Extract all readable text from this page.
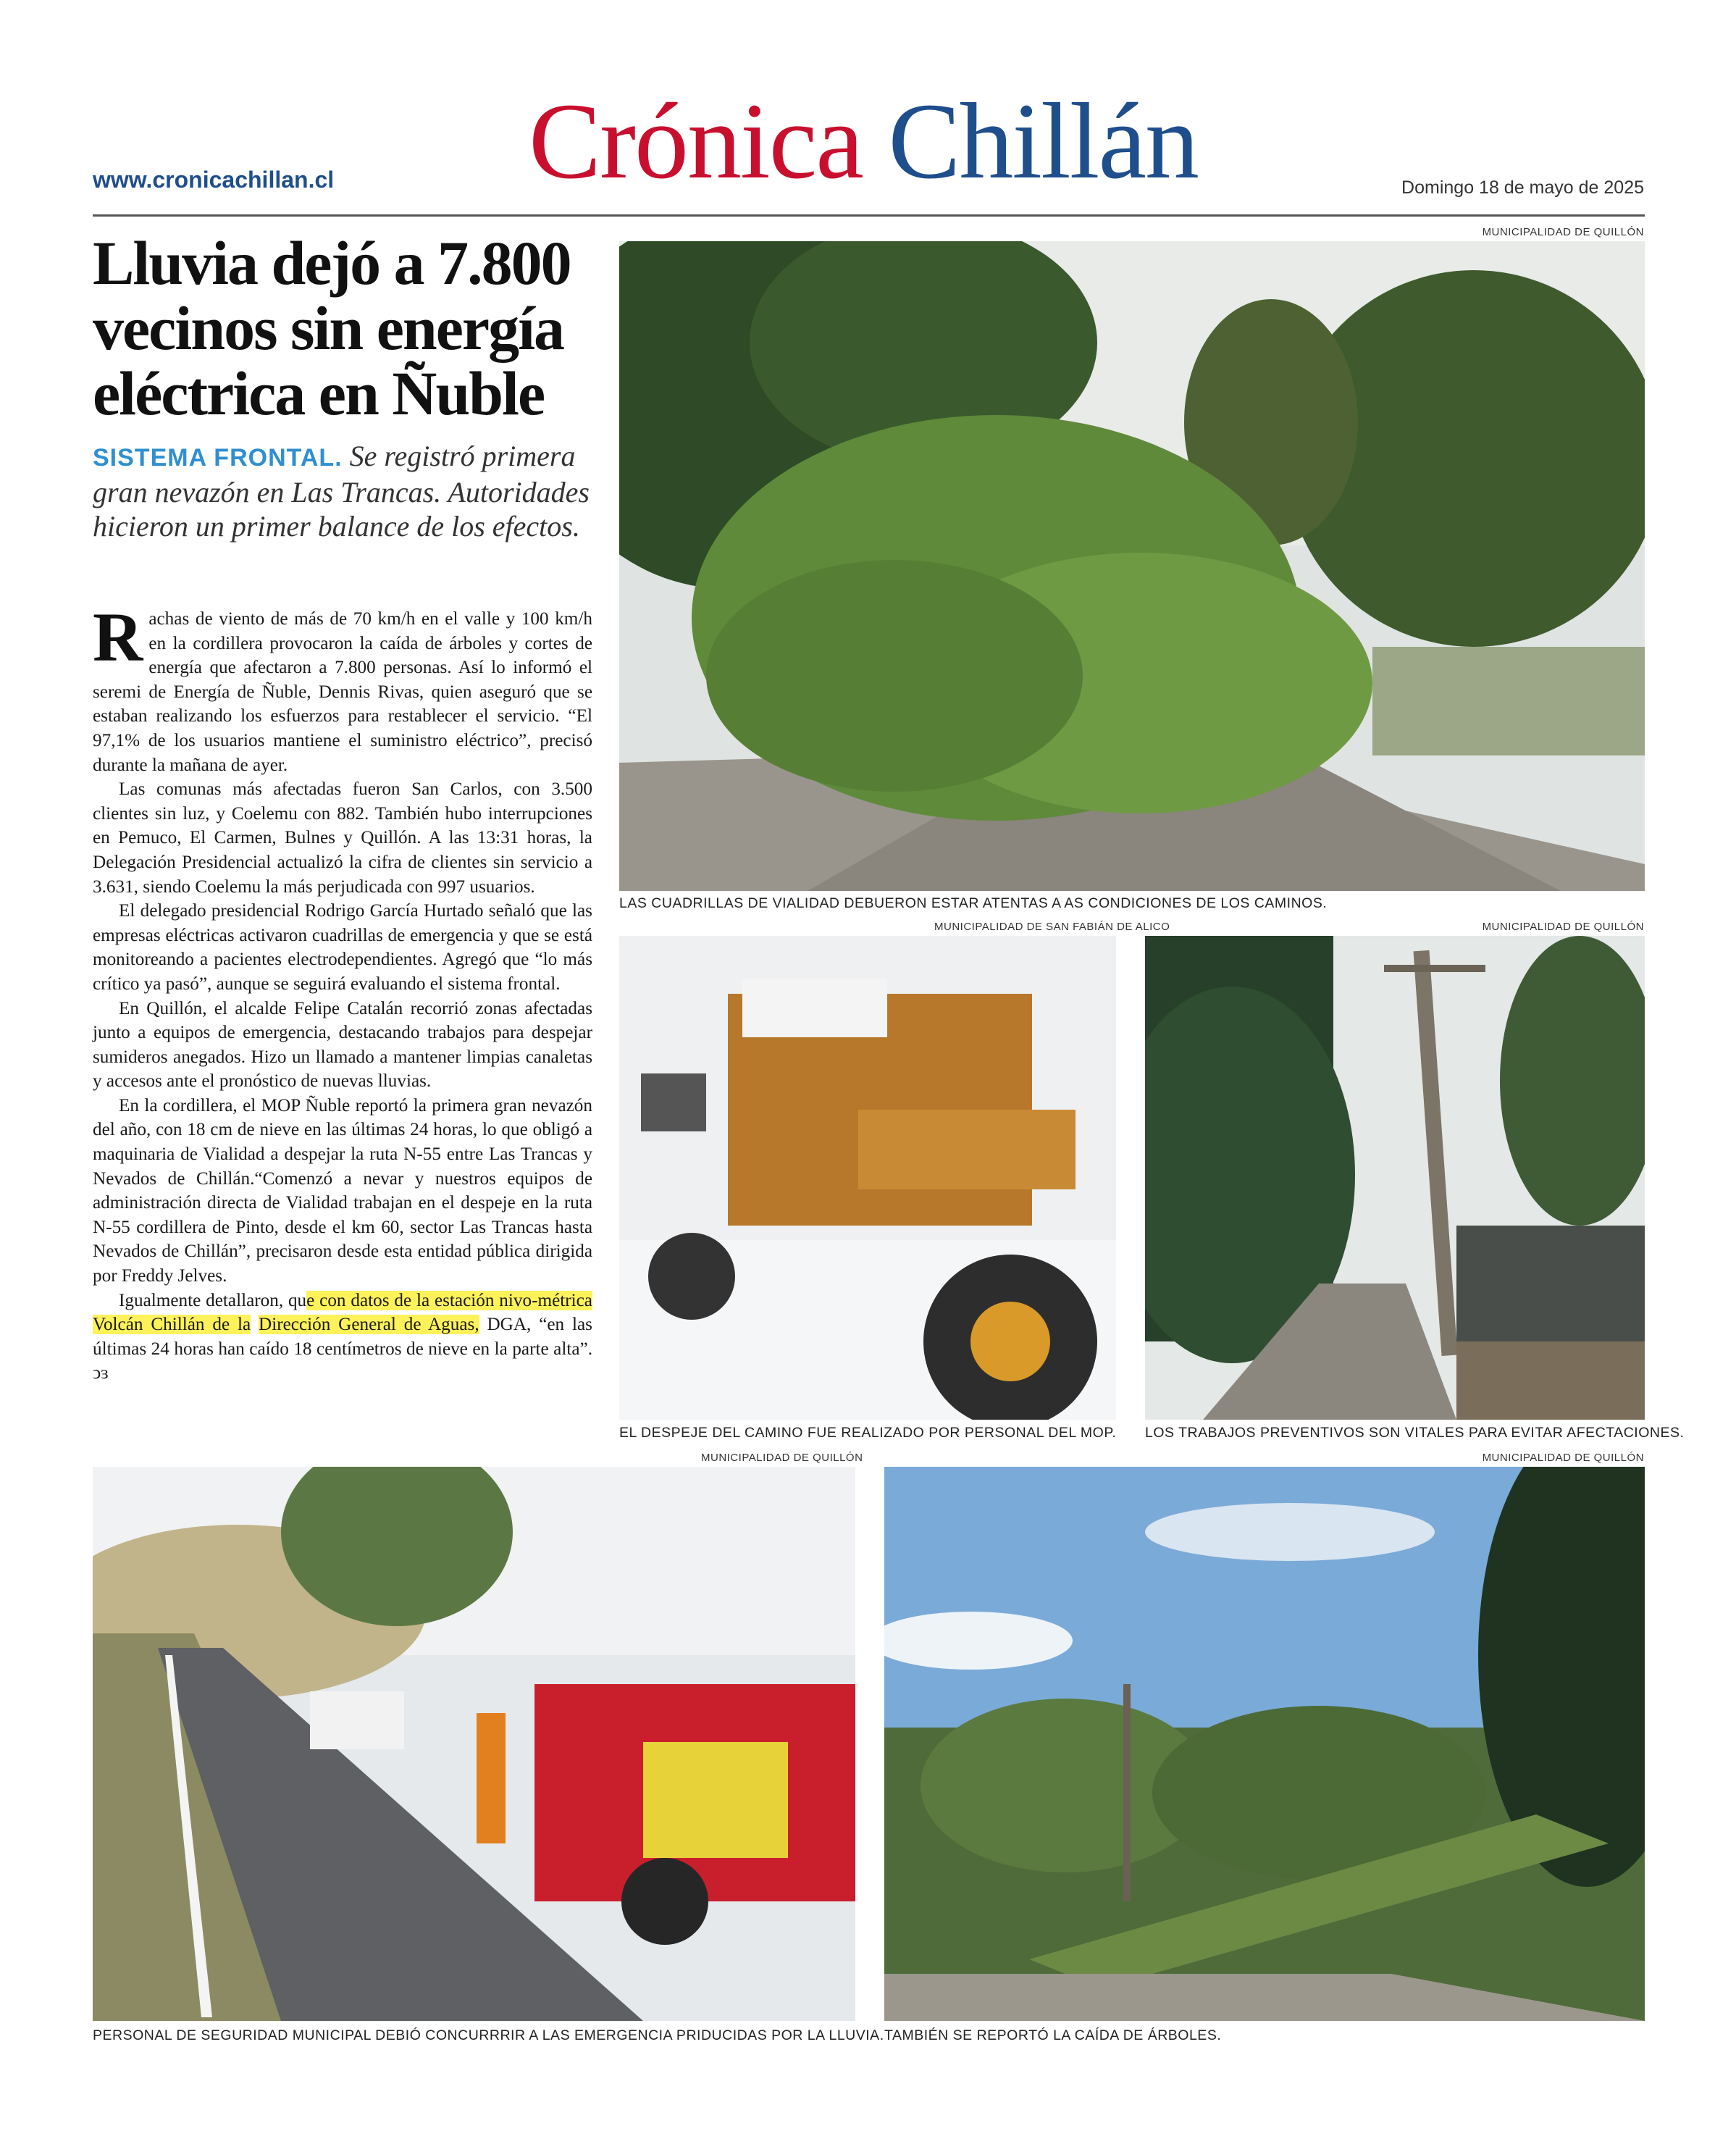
www.cronicachillan.cl Crónica Chillán	Domingo 18 de mayo de 2025
Lluvia dejó a 7.800
vecinos sin energía
eléctrica en Ñuble
SISTEMA FRONTAL. Se registró primera gran nevazón en Las Trancas. Autoridades hicieron un primer balance de los efectos.

Rachas de viento de más de 70 km/h en el valle y 100 km/h en la cordillera provocaron la caída de árboles y cortes de energía que afectaron a 7.800 personas. Así lo informó el seremi de Energía de Ñuble, Dennis Rivas, quien aseguró que se estaban realizando los esfuerzos para restablecer el servicio. “El 97,1% de los usuarios mantiene el suministro eléctrico”, precisó durante la mañana de ayer.

Las comunas más afectadas fueron San Carlos, con 3.500 clientes sin luz, y Coelemu con 882. También hubo interrupciones en Pemuco, El Carmen, Bulnes y Quillón. A las 13:31 horas, la Delegación Presidencial actualizó la cifra de clientes sin servicio a 3.631, siendo Coelemu la más perjudicada con 997 usuarios.

El delegado presidencial Rodrigo García Hurtado señaló que las empresas eléctricas activaron cuadrillas de emergencia y que se está monitoreando a pacientes electrodependientes. Agregó que “lo más crítico ya pasó”, aunque se seguirá evaluando el sistema frontal.

En Quillón, el alcalde Felipe Catalán recorrió zonas afectadas junto a equipos de emergencia, destacando trabajos para despejar sumideros anegados. Hizo un llamado a mantener limpias canaletas y accesos ante el pronóstico de nuevas lluvias.

En la cordillera, el MOP Ñuble reportó la primera gran nevazón del año, con 18 cm de nieve en las últimas 24 horas, lo que obligó a maquinaria de Vialidad a despejar la ruta N-55 entre Las Trancas y Nevados de Chillán.“Comenzó a nevar y nuestros equipos de administración directa de Vialidad trabajan en el despeje en la ruta N-55 cordillera de Pinto, desde el km 60, sector Las Trancas hasta Nevados de Chillán”, precisaron desde esta entidad pública dirigida por Freddy Jelves.

Igualmente detallaron, que con datos de la estación nivo-métrica Volcán Chillán de la Dirección General de Aguas, DGA, “en las últimas 24 horas han caído 18 centímetros de nieve en la parte alta”. ↄɜ

MUNICIPALIDAD DE QUILLÓN
LAS CUADRILLAS DE VIALIDAD DEBUERON ESTAR ATENTAS A AS CONDICIONES DE LOS CAMINOS.
MUNICIPALIDAD DE SAN FABIÁN DE ALICO
EL DESPEJE DEL CAMINO FUE REALIZADO POR PERSONAL DEL MOP.
MUNICIPALIDAD DE QUILLÓN
LOS TRABAJOS PREVENTIVOS SON VITALES PARA EVITAR AFECTACIONES.
MUNICIPALIDAD DE QUILLÓN
PERSONAL DE SEGURIDAD MUNICIPAL DEBIÓ CONCURRRIR A LAS EMERGENCIA PRIDUCIDAS POR LA LLUVIA.
MUNICIPALIDAD DE QUILLÓN
TAMBIÉN SE REPORTÓ LA CAÍDA DE ÁRBOLES.
